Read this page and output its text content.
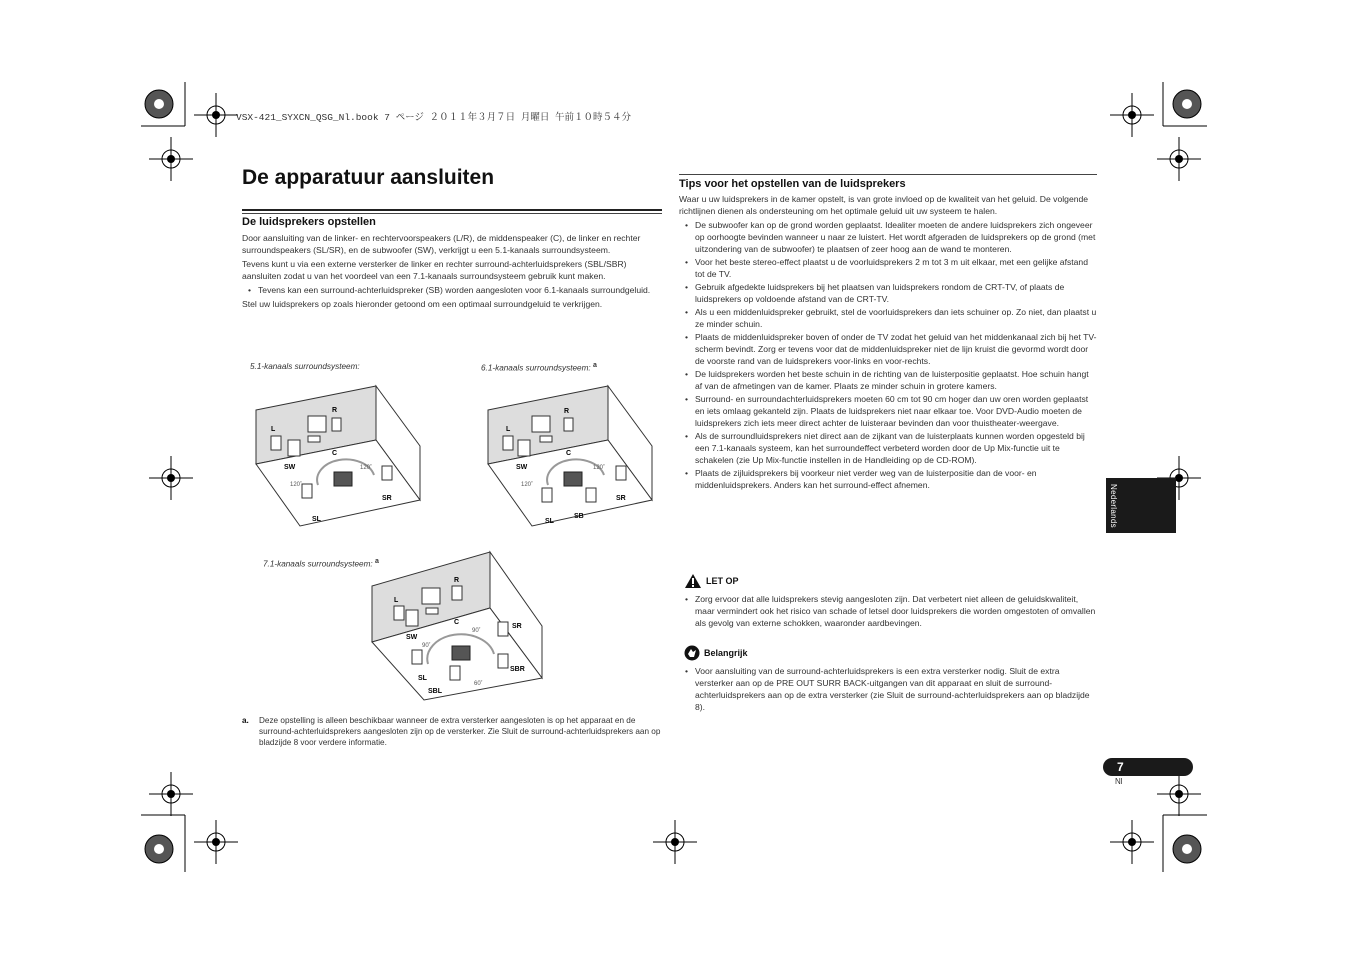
VSX-421_SYXCN_QSG_Nl.book 7 ページ ２０１１年３月７日 月曜日 午前１０時５４分
De apparatuur aansluiten
De luidsprekers opstellen
Door aansluiting van de linker- en rechtervoorspeakers (L/R), de middenspeaker (C), de linker en rechter surroundspeakers (SL/SR), en de subwoofer (SW), verkrijgt u een 5.1-kanaals surroundsysteem.
Tevens kunt u via een externe versterker de linker en rechter surround-achterluidsprekers (SBL/SBR) aansluiten zodat u van het voordeel van een 7.1-kanaals surroundsysteem gebruik kunt maken.
• Tevens kan een surround-achterluidspreker (SB) worden aangesloten voor 6.1-kanaals surroundgeluid.
Stel uw luidsprekers op zoals hieronder getoond om een optimaal surroundgeluid te verkrijgen.
5.1-kanaals surroundsysteem:	6.1-kanaals surroundsysteem: $^a$
L
R
C
SW
SR
SL
120˚
120˚
L
R
C
SW
SR
SB
SL
120˚
120˚
7.1-kanaals surroundsysteem: $^a$
L
R
C
SW
SR
SBR
SL
SBL
90˚
90˚
60˚
a. Deze opstelling is alleen beschikbaar wanneer de extra versterker aangesloten is op het apparaat en de surround-achterluidsprekers aangesloten zijn op de versterker. Zie Sluit de surround-achterluidsprekers aan op bladzijde 8 voor verdere informatie.
Tips voor het opstellen van de luidsprekers
Waar u uw luidsprekers in de kamer opstelt, is van grote invloed op de kwaliteit van het geluid. De volgende richtlijnen dienen als ondersteuning om het optimale geluid uit uw systeem te halen.
• De subwoofer kan op de grond worden geplaatst. Idealiter moeten de andere luidsprekers zich ongeveer op oorhoogte bevinden wanneer u naar ze luistert. Het wordt afgeraden de luidsprekers op de grond (met uitzondering van de subwoofer) te plaatsen of zeer hoog aan de wand te monteren.
• Voor het beste stereo-effect plaatst u de voorluidsprekers 2 m tot 3 m uit elkaar, met een gelijke afstand tot de TV.
• Gebruik afgedekte luidsprekers bij het plaatsen van luidsprekers rondom de CRT-TV, of plaats de luidsprekers op voldoende afstand van de CRT-TV.
• Als u een middenluidspreker gebruikt, stel de voorluidsprekers dan iets schuiner op. Zo niet, dan plaatst u ze minder schuin.
• Plaats de middenluidspreker boven of onder de TV zodat het geluid van het middenkanaal zich bij het TV-scherm bevindt. Zorg er tevens voor dat de middenluidspreker niet de lijn kruist die gevormd wordt door de voorste rand van de luidsprekers voor-links en voor-rechts.
• De luidsprekers worden het beste schuin in de richting van de luisterpositie geplaatst. Hoe schuin hangt af van de afmetingen van de kamer. Plaats ze minder schuin in grotere kamers.
• Surround- en surroundachterluidsprekers moeten 60 cm tot 90 cm hoger dan uw oren worden geplaatst en iets omlaag gekanteld zijn. Plaats de luidsprekers niet naar elkaar toe. Voor DVD-Audio moeten de luidsprekers zich iets meer direct achter de luisteraar bevinden dan voor thuistheater-weergave.
• Als de surroundluidsprekers niet direct aan de zijkant van de luisterplaats kunnen worden opgesteld bij een 7.1-kanaals systeem, kan het surroundeffect verbeterd worden door de Up Mix-functie uit te schakelen (zie Up Mix-functie instellen in de Handleiding op de CD-ROM).
• Plaats de zijluidsprekers bij voorkeur niet verder weg van de luisterpositie dan de voor- en middenluidsprekers. Anders kan het surround-effect afnemen.
LET OP
• Zorg ervoor dat alle luidsprekers stevig aangesloten zijn. Dat verbetert niet alleen de geluidskwaliteit, maar vermindert ook het risico van schade of letsel door luidsprekers die worden omgestoten of omvallen als gevolg van externe schokken, waaronder aardbevingen.
Belangrijk
• Voor aansluiting van de surround-achterluidsprekers is een extra versterker nodig. Sluit de extra versterker aan op de PRE OUT SURR BACK-uitgangen van dit apparaat en sluit de surround-achterluidsprekers aan op de extra versterker (zie Sluit de surround-achterluidsprekers aan op bladzijde 8).
Nederlands
7
Nl
